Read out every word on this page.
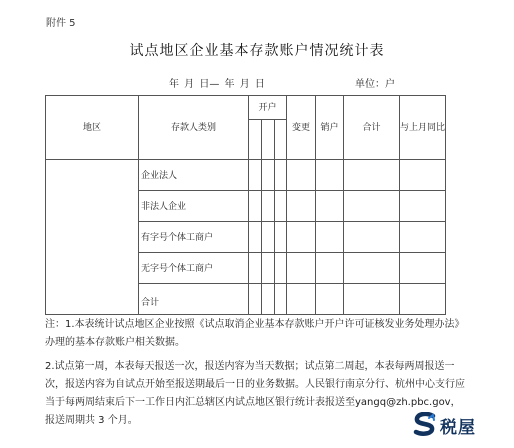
附件 5
试点地区企业基本存款账户情况统计表
年 月 日— 年 月 日	单位：户
地区	存款人类别	开户			变更	销户	合计	与上月同比

	企业法人							
	非法人企业							
	有字号个体工商户							
	无字号个体工商户							
	合计							

注：1.本表统计试点地区企业按照《试点取消企业基本存款账户开户许可证核发业务处理办法》办理的基本存款账户相关数据。

2.试点第一周，本表每天报送一次，报送内容为当天数据；试点第二周起，本表每两周报送一次，报送内容为自试点开始至报送期最后一日的业务数据。人民银行南京分行、杭州中心支行应当于每两周结束后下一工作日内汇总辖区内试点地区银行统计表报送至yangq@zh.pbc.gov，报送周期共 3 个月。	税屋
